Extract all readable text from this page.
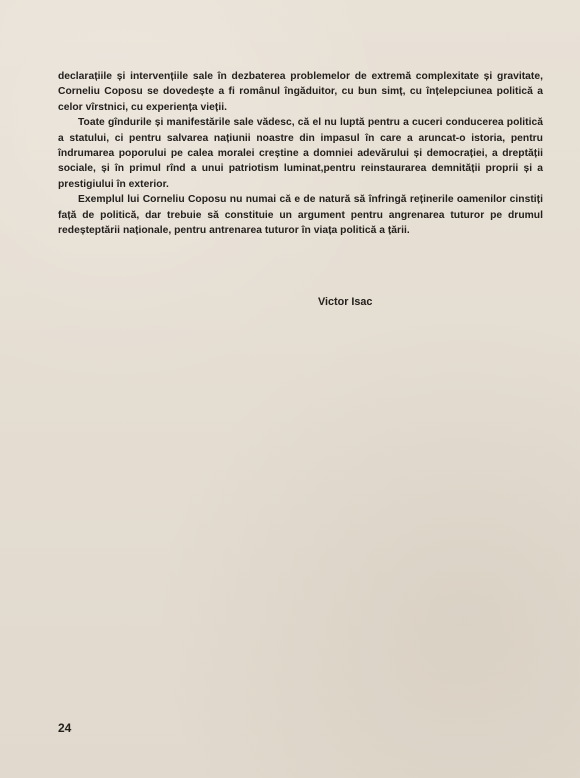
declarațiile și intervențiile sale în dezbaterea problemelor de extremă complexitate și gravitate, Corneliu Coposu se dovedește a fi românul îngăduitor, cu bun simț, cu înțelepciunea politică a celor vîrstnici, cu experiența vieții.

Toate gîndurile și manifestările sale vădesc, că el nu luptă pentru a cuceri conducerea politică a statului, ci pentru salvarea națiunii noastre din impasul în care a aruncat-o istoria, pentru îndrumarea poporului pe calea moralei creștine a domniei adevărului și democrației, a dreptății sociale, și în primul rînd a unui patriotism luminat,pentru reinstaurarea demnității proprii și a prestigiului în exterior.

Exemplul lui Corneliu Coposu nu numai că e de natură să înfringă reținerile oamenilor cinstiți față de politică, dar trebuie să constituie un argument pentru angrenarea tuturor pe drumul redeșteptării naționale, pentru antrenarea tuturor în viața politică a țării.

Victor Isac
24
